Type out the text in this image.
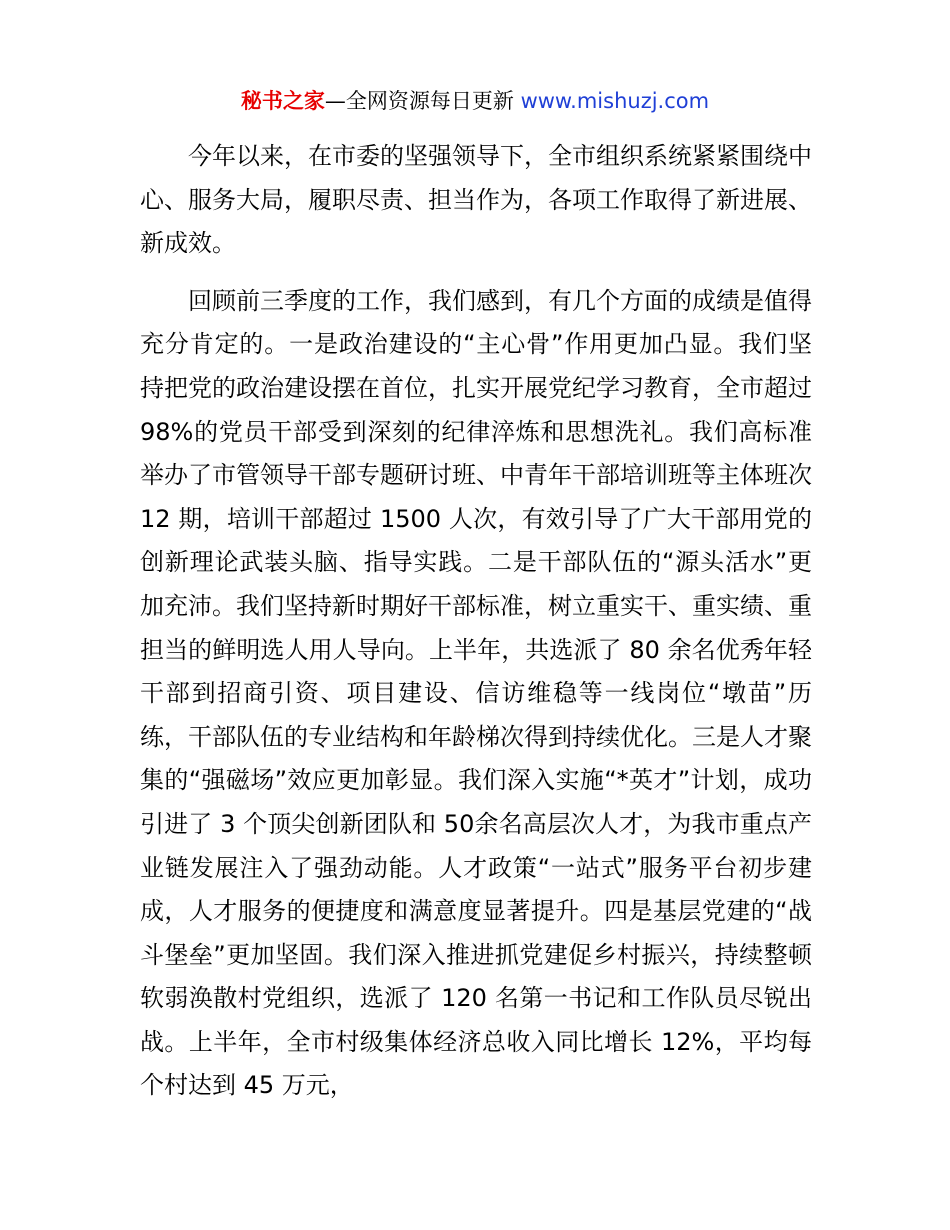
秘书之家—全网资源每日更新 www.mishuzj.com

今年以来，在市委的坚强领导下，全市组织系统紧紧围绕中心、服务大局，履职尽责、担当作为，各项工作取得了新进展、新成效。

回顾前三季度的工作，我们感到，有几个方面的成绩是值得充分肯定的。一是政治建设的“主心骨”作用更加凸显。我们坚持把党的政治建设摆在首位，扎实开展党纪学习教育，全市超过 98%的党员干部受到深刻的纪律淬炼和思想洗礼。我们高标准举办了市管领导干部专题研讨班、中青年干部培训班等主体班次 12 期，培训干部超过 1500 人次，有效引导了广大干部用党的创新理论武装头脑、指导实践。二是干部队伍的“源头活水”更加充沛。我们坚持新时期好干部标准，树立重实干、重实绩、重担当的鲜明选人用人导向。上半年，共选派了 80 余名优秀年轻干部到招商引资、项目建设、信访维稳等一线岗位“墩苗”历练，干部队伍的专业结构和年龄梯次得到持续优化。三是人才聚集的“强磁场”效应更加彰显。我们深入实施“*英才”计划，成功引进了 3 个顶尖创新团队和 50余名高层次人才，为我市重点产业链发展注入了强劲动能。人才政策“一站式”服务平台初步建成，人才服务的便捷度和满意度显著提升。四是基层党建的“战斗堡垒”更加坚固。我们深入推进抓党建促乡村振兴，持续整顿软弱涣散村党组织，选派了 120 名第一书记和工作队员尽锐出战。上半年，全市村级集体经济总收入同比增长 12%，平均每个村达到 45 万元，
